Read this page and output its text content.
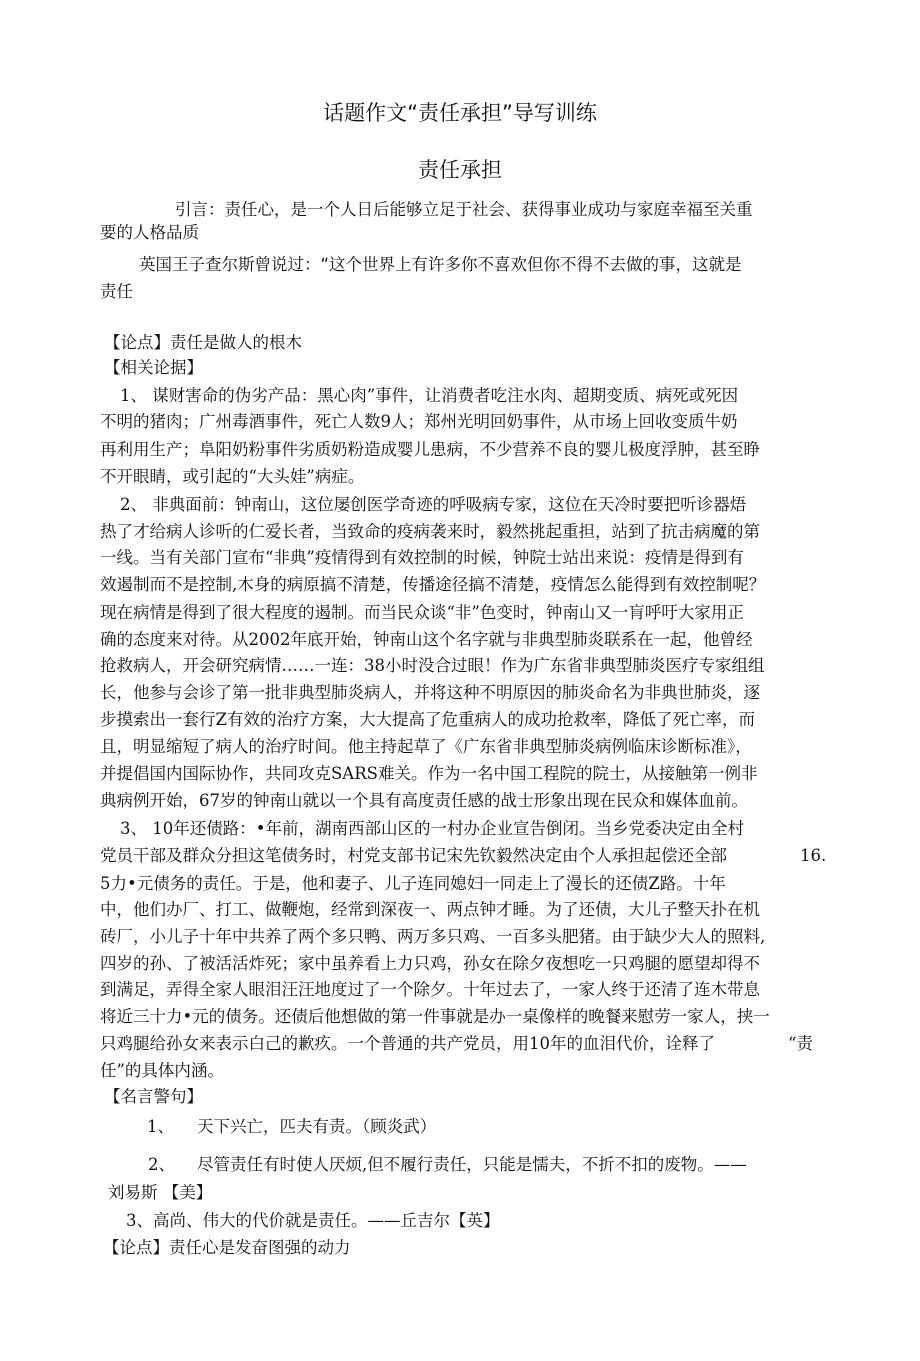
话题作文“责任承担”导写训练
责任承担
引言：责任心，是一个人日后能够立足于社会、获得事业成功与家庭幸福至关重
要的人格品质
英国王子查尔斯曾说过：“这个世界上有许多你不喜欢但你不得不去做的事，这就是
责任
【论点】责任是做人的根木
【相关论据】
1、 谋财害命的伪劣产品：黑心肉”事件，让消费者吃注水肉、超期变质、病死或死因
不明的猪肉；广州毒酒事件，死亡人数9人；郑州光明回奶事件，从市场上回收变质牛奶
再利用生产；阜阳奶粉事件劣质奶粉造成婴儿患病，不少营养不良的婴儿极度浮肿，甚至睁
不开眼睛，或引起的“大头娃”病症。
2、 非典面前：钟南山，这位屡创医学奇迹的呼吸病专家，这位在天冷时要把听诊器焐
热了才给病人诊听的仁爱长者，当致命的疫病袭来时，毅然挑起重担，站到了抗击病魔的第
一线。当有关部门宣布“非典”疫情得到有效控制的时候，钟院士站出来说：疫情是得到有
效遏制而不是控制,木身的病原搞不清楚，传播途径搞不清楚，疫情怎么能得到有效控制呢？
现在病情是得到了很大程度的遏制。而当民众谈“非”色变时，钟南山又一肓呼吁大家用正
确的态度来对待。从2002年底开始，钟南山这个名字就与非典型肺炎联系在一起，他曾经
抢救病人，开会研究病情……一连：38小时没合过眼！作为广东省非典型肺炎医疗专家组组
长，他参与会诊了第一批非典型肺炎病人，并将这种不明原因的肺炎命名为非典世肺炎，逐
步摸索出一套行Z有效的治疗方案，大大提高了危重病人的成功抢救率，降低了死亡率，而
且，明显缩短了病人的治疗时间。他主持起草了《广东省非典型肺炎病例临床诊断标准》，
并提倡国内国际协作，共同攻克SARS难关。作为一名中国工程院的院士，从接触第一例非
典病例开始，67岁的钟南山就以一个具有高度责任感的战士形象出现在民众和媒体血前。
3、 10年还债路：•年前，湖南西部山区的一村办企业宣告倒闭。当乡党委决定由全村
党员干部及群众分担这笔债务时，村党支部书记宋先钦毅然决定由个人承担起偿还全部	16.
5力•元债务的责任。于是，他和妻子、儿子连同媳妇一同走上了漫长的还债Z路。十年
中，他们办厂、打工、做鞭炮，经常到深夜一、两点钟才睡。为了还债，大儿子整天扑在机
砖厂，小儿子十年中共养了两个多只鸭、两万多只鸡、一百多头肥猪。由于缺少大人的照料,
四岁的孙、了被活活炸死；家中虽养看上力只鸡，孙女在除夕夜想吃一只鸡腿的愿望却得不
到满足，弄得全家人眼泪汪汪地度过了一个除夕。十年过去了，一家人终于还清了连木带息
将近三十力•元的债务。还债后他想做的第一件事就是办一桌像样的晚餐来慰劳一家人，挟一
只鸡腿给孙女来表示白己的歉疚。一个普通的共产党员，用10年的血泪代价，诠释了	“责
任”的具体内涵。
【名言警句】
1、 天下兴亡，匹夫有责。（顾炎武）
2、 尽管责任有时使人厌烦,但不履行责任，只能是懦夫，不折不扣的废物。——
刘易斯 【美】
3、高尚、伟大的代价就是责任。——丘吉尔【英】
【论点】责任心是发奋图强的动力
